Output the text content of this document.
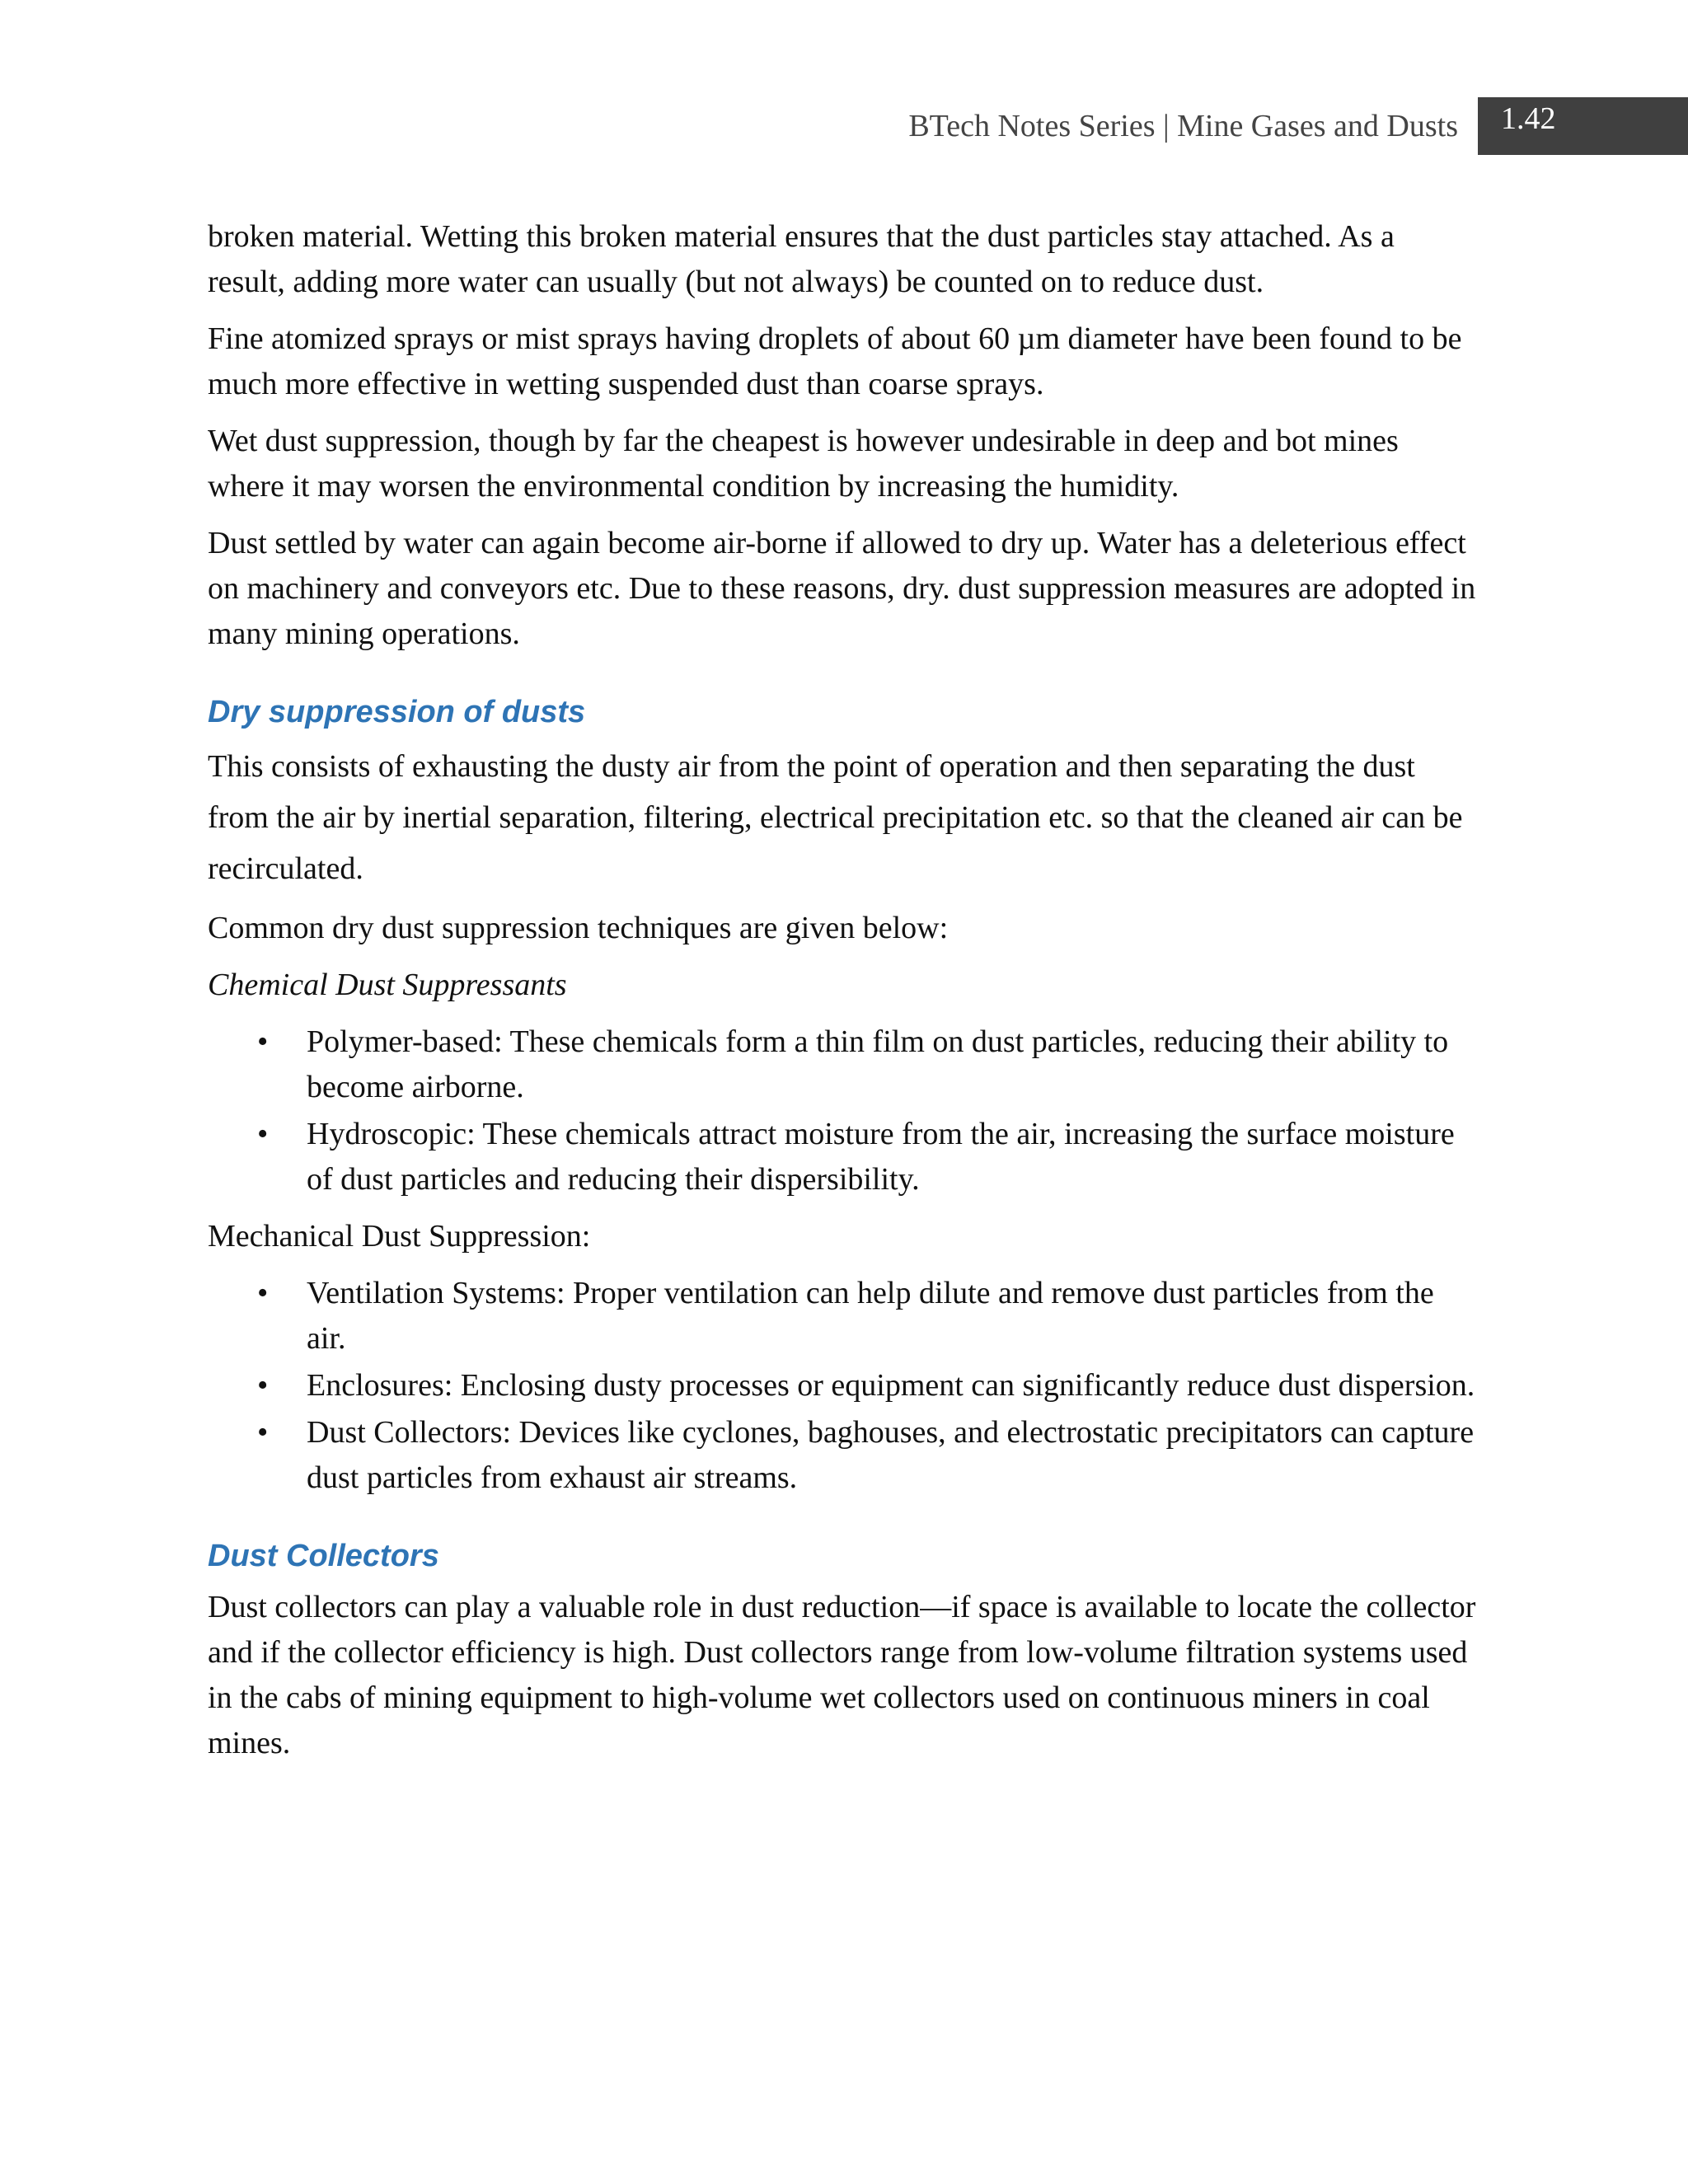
BTech Notes Series | Mine Gases and Dusts	1.42

broken material. Wetting this broken material ensures that the dust particles stay attached. As a result, adding more water can usually (but not always) be counted on to reduce dust.

Fine atomized sprays or mist sprays having droplets of about 60 µm diameter have been found to be much more effective in wetting suspended dust than coarse sprays.

Wet dust suppression, though by far the cheapest is however undesirable in deep and bot mines where it may worsen the environmental condition by increasing the humidity.

Dust settled by water can again become air-borne if allowed to dry up. Water has a deleterious effect on machinery and conveyors etc. Due to these reasons, dry. dust suppression measures are adopted in many mining operations.

Dry suppression of dusts

This consists of exhausting the dusty air from the point of operation and then separating the dust from the air by inertial separation, filtering, electrical precipitation etc. so that the cleaned air can be recirculated.

Common dry dust suppression techniques are given below:

Chemical Dust Suppressants

• Polymer-based: These chemicals form a thin film on dust particles, reducing their ability to become airborne.
• Hydroscopic: These chemicals attract moisture from the air, increasing the surface moisture of dust particles and reducing their dispersibility.

Mechanical Dust Suppression:

• Ventilation Systems: Proper ventilation can help dilute and remove dust particles from the air.
• Enclosures: Enclosing dusty processes or equipment can significantly reduce dust dispersion.
• Dust Collectors: Devices like cyclones, baghouses, and electrostatic precipitators can capture dust particles from exhaust air streams.
Dust Collectors

Dust collectors can play a valuable role in dust reduction—if space is available to locate the collector and if the collector efficiency is high. Dust collectors range from low-volume filtration systems used in the cabs of mining equipment to high-volume wet collectors used on continuous miners in coal mines.
